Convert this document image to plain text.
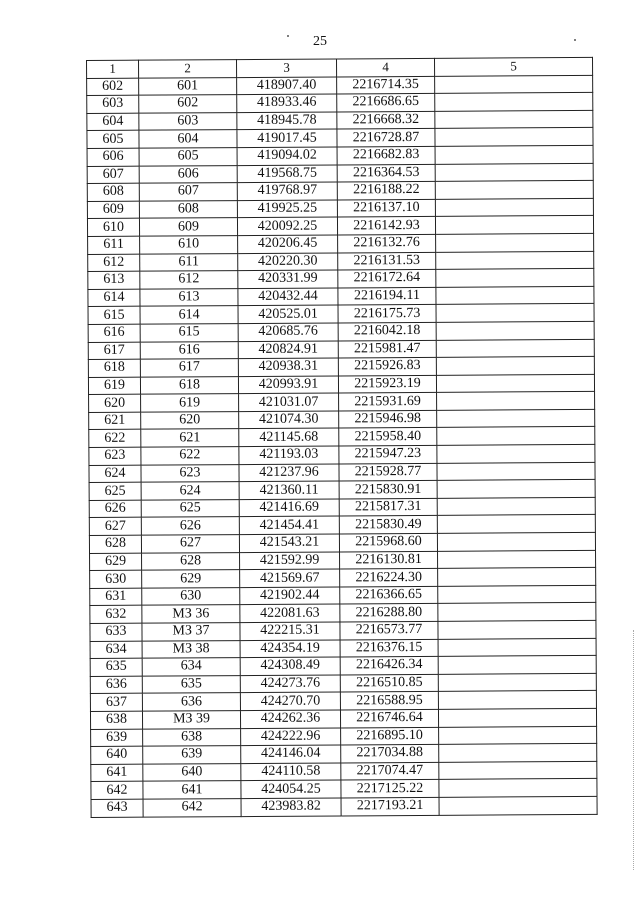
25
1	2	3	4	5
602	601	418907.40	2216714.35	
603	602	418933.46	2216686.65	
604	603	418945.78	2216668.32	
605	604	419017.45	2216728.87	
606	605	419094.02	2216682.83	
607	606	419568.75	2216364.53	
608	607	419768.97	2216188.22	
609	608	419925.25	2216137.10	
610	609	420092.25	2216142.93	
611	610	420206.45	2216132.76	
612	611	420220.30	2216131.53	
613	612	420331.99	2216172.64	
614	613	420432.44	2216194.11	
615	614	420525.01	2216175.73	
616	615	420685.76	2216042.18	
617	616	420824.91	2215981.47	
618	617	420938.31	2215926.83	
619	618	420993.91	2215923.19	
620	619	421031.07	2215931.69	
621	620	421074.30	2215946.98	
622	621	421145.68	2215958.40	
623	622	421193.03	2215947.23	
624	623	421237.96	2215928.77	
625	624	421360.11	2215830.91	
626	625	421416.69	2215817.31	
627	626	421454.41	2215830.49	
628	627	421543.21	2215968.60	
629	628	421592.99	2216130.81	
630	629	421569.67	2216224.30	
631	630	421902.44	2216366.65	
632	МЗ 36	422081.63	2216288.80	
633	МЗ 37	422215.31	2216573.77	
634	МЗ 38	424354.19	2216376.15	
635	634	424308.49	2216426.34	
636	635	424273.76	2216510.85	
637	636	424270.70	2216588.95	
638	МЗ 39	424262.36	2216746.64	
639	638	424222.96	2216895.10	
640	639	424146.04	2217034.88	
641	640	424110.58	2217074.47	
642	641	424054.25	2217125.22	
643	642	423983.82	2217193.21	
